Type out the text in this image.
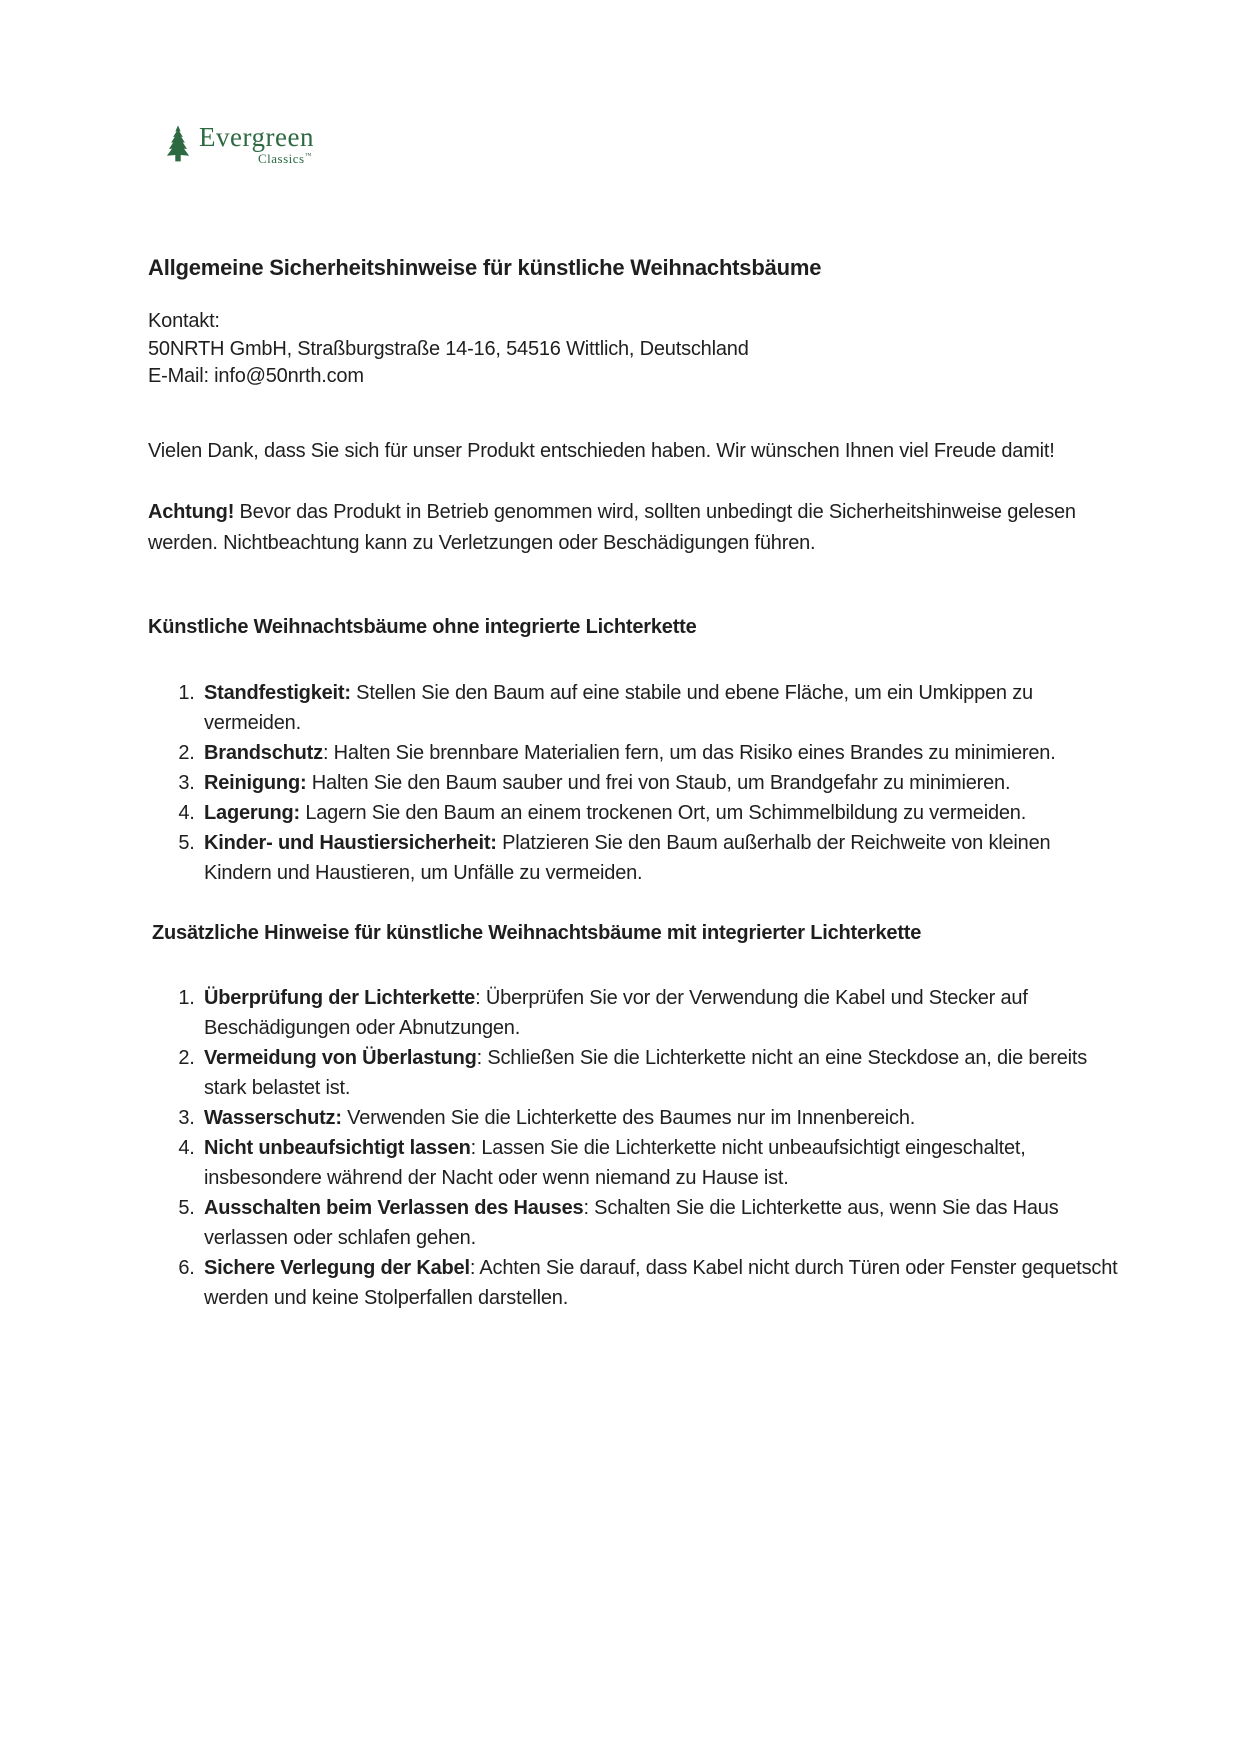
Evergreen
Classics™
Allgemeine Sicherheitshinweise für künstliche Weihnachtsbäume

Kontakt:

50NRTH GmbH, Straßburgstraße 14-16, 54516 Wittlich, Deutschland

E-Mail: info@50nrth.com

Vielen Dank, dass Sie sich für unser Produkt entschieden haben. Wir wünschen Ihnen viel Freude damit!

Achtung! Bevor das Produkt in Betrieb genommen wird, sollten unbedingt die Sicherheitshinweise gelesen werden. Nichtbeachtung kann zu Verletzungen oder Beschädigungen führen.

Künstliche Weihnachtsbäume ohne integrierte Lichterkette
1. Standfestigkeit: Stellen Sie den Baum auf eine stabile und ebene Fläche, um ein Umkippen zu vermeiden.
2. Brandschutz: Halten Sie brennbare Materialien fern, um das Risiko eines Brandes zu minimieren.
3. Reinigung: Halten Sie den Baum sauber und frei von Staub, um Brandgefahr zu minimieren.
4. Lagerung: Lagern Sie den Baum an einem trockenen Ort, um Schimmelbildung zu vermeiden.
5. Kinder- und Haustiersicherheit: Platzieren Sie den Baum außerhalb der Reichweite von kleinen Kindern und Haustieren, um Unfälle zu vermeiden.
Zusätzliche Hinweise für künstliche Weihnachtsbäume mit integrierter Lichterkette
1. Überprüfung der Lichterkette: Überprüfen Sie vor der Verwendung die Kabel und Stecker auf Beschädigungen oder Abnutzungen.
2. Vermeidung von Überlastung: Schließen Sie die Lichterkette nicht an eine Steckdose an, die bereits stark belastet ist.
3. Wasserschutz: Verwenden Sie die Lichterkette des Baumes nur im Innenbereich.
4. Nicht unbeaufsichtigt lassen: Lassen Sie die Lichterkette nicht unbeaufsichtigt eingeschaltet, insbesondere während der Nacht oder wenn niemand zu Hause ist.
5. Ausschalten beim Verlassen des Hauses: Schalten Sie die Lichterkette aus, wenn Sie das Haus verlassen oder schlafen gehen.
6. Sichere Verlegung der Kabel: Achten Sie darauf, dass Kabel nicht durch Türen oder Fenster gequetscht werden und keine Stolperfallen darstellen.
